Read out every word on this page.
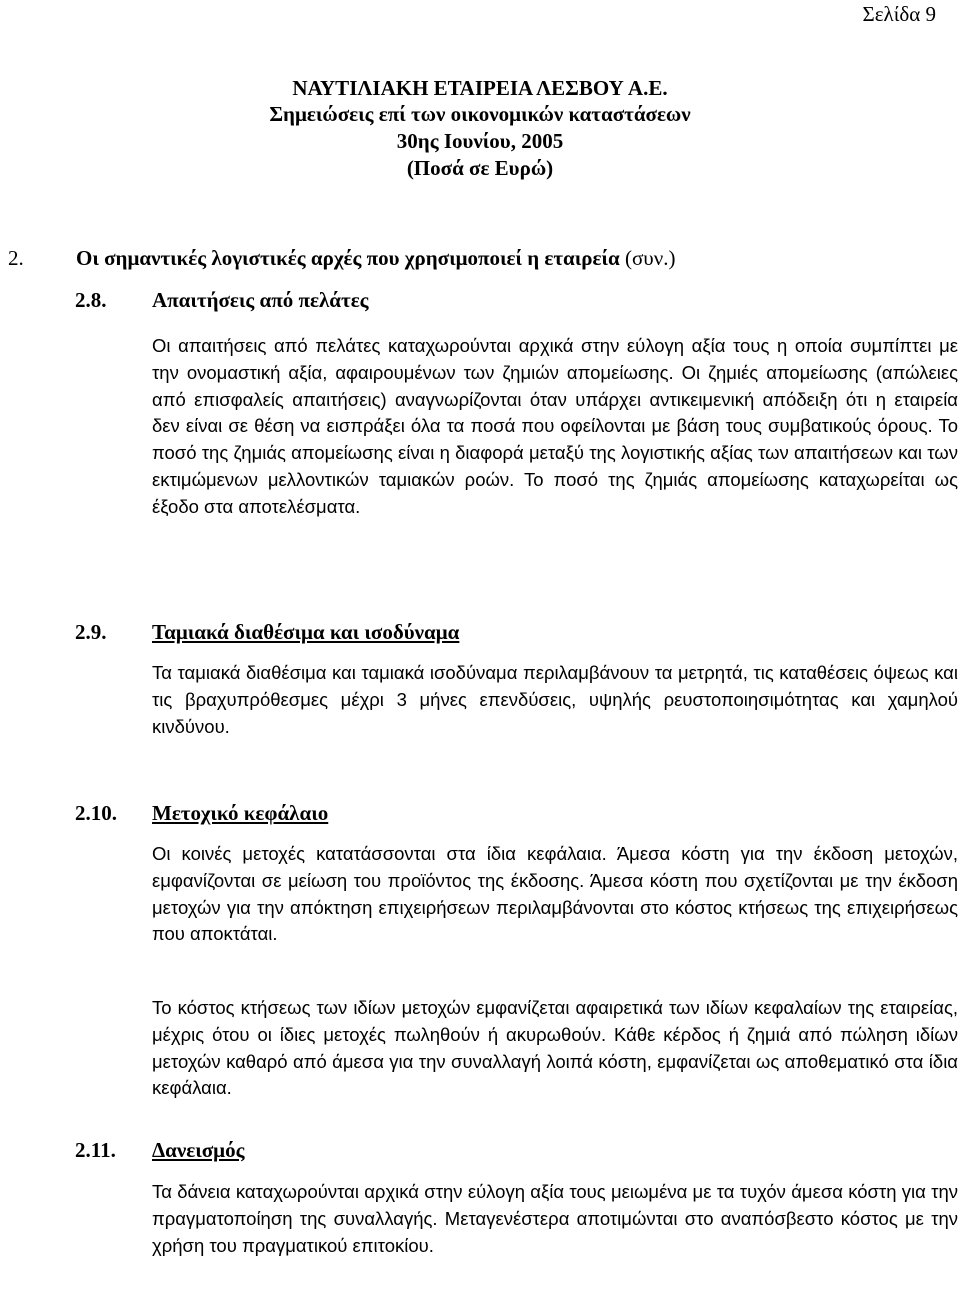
Σελίδα 9
ΝΑΥΤΙΛΙΑΚΗ ΕΤΑΙΡΕΙΑ ΛΕΣΒΟΥ Α.Ε.
Σημειώσεις επί των οικονομικών καταστάσεων
30ης Ιουνίου, 2005
(Ποσά σε Ευρώ)
2. Οι σημαντικές λογιστικές αρχές που χρησιμοποιεί η εταιρεία (συν.)
2.8. Απαιτήσεις από πελάτες
Οι απαιτήσεις από πελάτες καταχωρούνται αρχικά στην εύλογη αξία τους η οποία συμπίπτει με την ονομαστική αξία, αφαιρουμένων των ζημιών απομείωσης. Οι ζημιές απομείωσης (απώλειες από επισφαλείς απαιτήσεις) αναγνωρίζονται όταν υπάρχει αντικειμενική απόδειξη ότι η εταιρεία δεν είναι σε θέση να εισπράξει όλα τα ποσά που οφείλονται με βάση τους συμβατικούς όρους. Το ποσό της ζημιάς απομείωσης είναι η διαφορά μεταξύ της λογιστικής αξίας των απαιτήσεων και των εκτιμώμενων μελλοντικών ταμιακών ροών. Το ποσό της ζημιάς απομείωσης καταχωρείται ως έξοδο στα αποτελέσματα.
2.9. Ταμιακά διαθέσιμα και ισοδύναμα
Τα ταμιακά διαθέσιμα και ταμιακά ισοδύναμα περιλαμβάνουν τα μετρητά, τις καταθέσεις όψεως και τις βραχυπρόθεσμες μέχρι 3 μήνες επενδύσεις, υψηλής ρευστοποιησιμότητας και χαμηλού κινδύνου.
2.10. Μετοχικό κεφάλαιο
Οι κοινές μετοχές κατατάσσονται στα ίδια κεφάλαια. Άμεσα κόστη για την έκδοση μετοχών, εμφανίζονται σε μείωση του προϊόντος της έκδοσης. Άμεσα κόστη που σχετίζονται με την έκδοση μετοχών για την απόκτηση επιχειρήσεων περιλαμβάνονται στο κόστος κτήσεως της επιχειρήσεως που αποκτάται.
Το κόστος κτήσεως των ιδίων μετοχών εμφανίζεται αφαιρετικά των ιδίων κεφαλαίων της εταιρείας, μέχρις ότου οι ίδιες μετοχές πωληθούν ή ακυρωθούν. Κάθε κέρδος ή ζημιά από πώληση ιδίων μετοχών καθαρό από άμεσα για την συναλλαγή λοιπά κόστη, εμφανίζεται ως αποθεματικό στα ίδια κεφάλαια.
2.11. Δανεισμός
Τα δάνεια καταχωρούνται αρχικά στην εύλογη αξία τους μειωμένα με τα τυχόν άμεσα κόστη για την πραγματοποίηση της συναλλαγής. Μεταγενέστερα αποτιμώνται στο αναπόσβεστο κόστος με την χρήση του πραγματικού επιτοκίου.
